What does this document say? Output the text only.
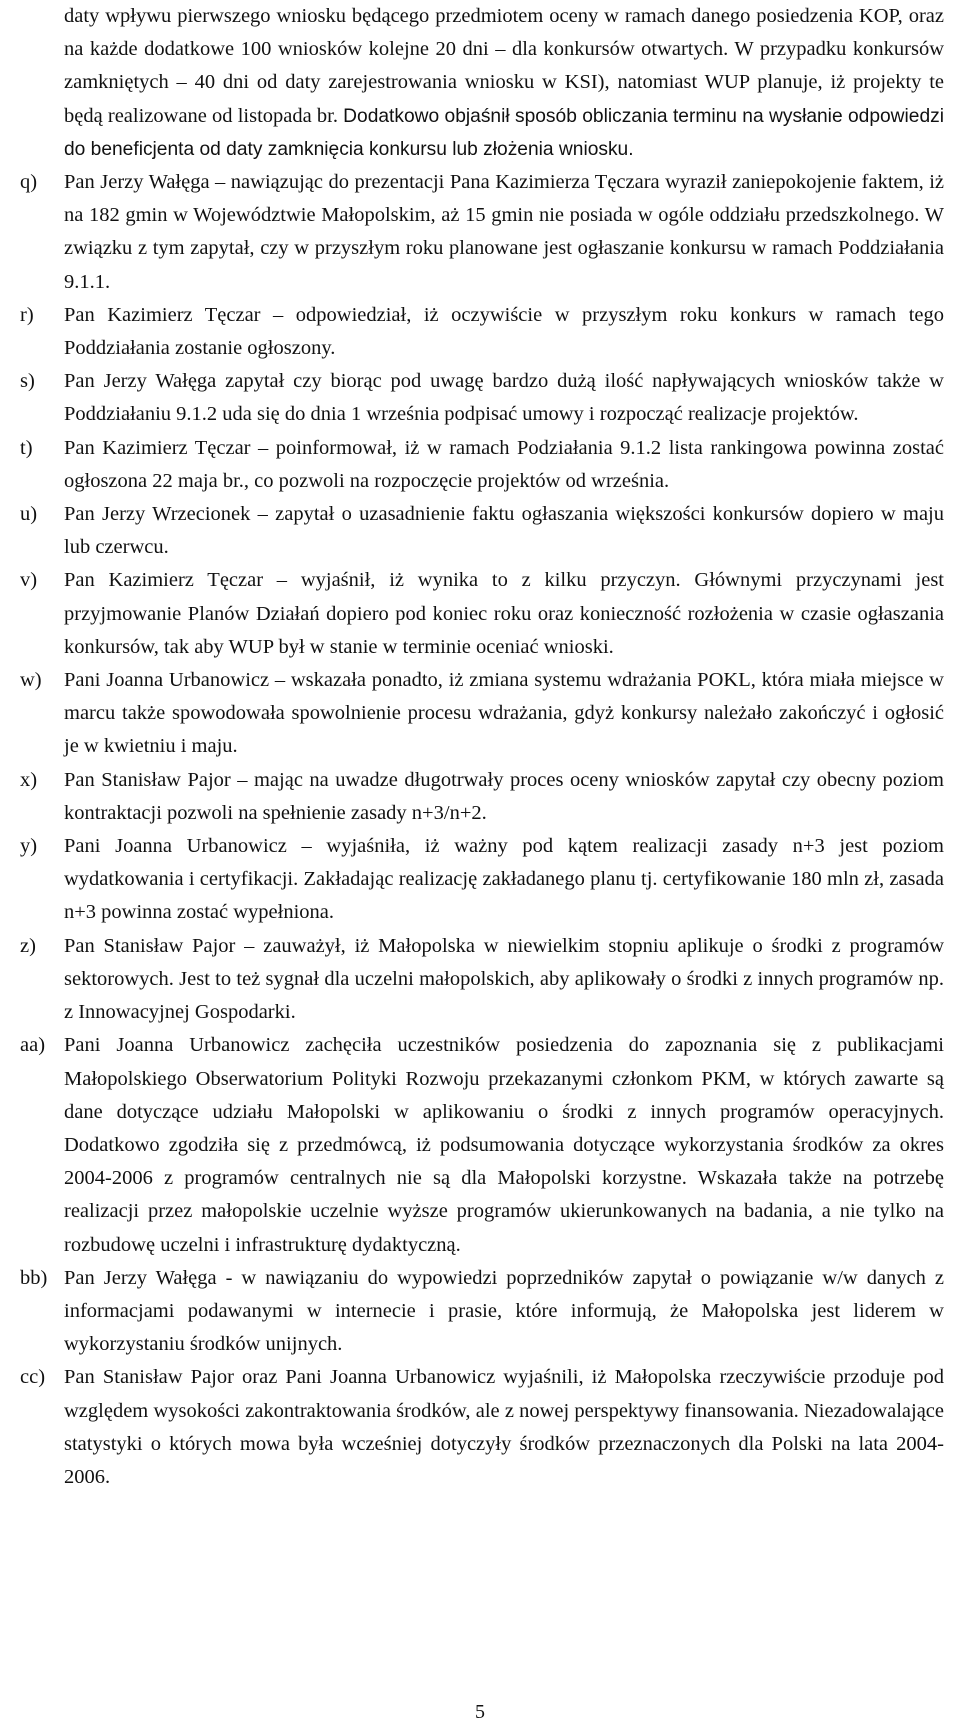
daty wpływu pierwszego wniosku będącego przedmiotem oceny w ramach danego posiedzenia KOP, oraz na każde dodatkowe 100 wniosków kolejne 20 dni – dla konkursów otwartych. W przypadku konkursów zamkniętych – 40 dni od daty zarejestrowania wniosku w KSI), natomiast WUP planuje, iż projekty te będą realizowane od listopada br. Dodatkowo objaśnił sposób obliczania terminu na wysłanie odpowiedzi do beneficjenta od daty zamknięcia konkursu lub złożenia wniosku.

q)	Pan Jerzy Wałęga – nawiązując do prezentacji Pana Kazimierza Tęczara wyraził zaniepokojenie faktem, iż na 182 gmin w Województwie Małopolskim, aż 15 gmin nie posiada w ogóle oddziału przedszkolnego. W związku z tym zapytał, czy w przyszłym roku planowane jest ogłaszanie konkursu w ramach Poddziałania 9.1.1.
r)	Pan Kazimierz Tęczar – odpowiedział, iż oczywiście w przyszłym roku konkurs w ramach tego Poddziałania zostanie ogłoszony.
s)	Pan Jerzy Wałęga zapytał czy biorąc pod uwagę bardzo dużą ilość napływających wniosków także w Poddziałaniu 9.1.2 uda się do dnia 1 września podpisać umowy i rozpocząć realizacje projektów.
t)	Pan Kazimierz Tęczar – poinformował, iż w ramach Podziałania 9.1.2 lista rankingowa powinna zostać ogłoszona 22 maja br., co pozwoli na rozpoczęcie projektów od września.
u)	Pan Jerzy Wrzecionek – zapytał o uzasadnienie faktu ogłaszania większości konkursów dopiero w maju lub czerwcu.
v)	Pan Kazimierz Tęczar – wyjaśnił, iż wynika to z kilku przyczyn. Głównymi przyczynami jest przyjmowanie Planów Działań dopiero pod koniec roku oraz konieczność rozłożenia w czasie ogłaszania konkursów, tak aby WUP był w stanie w terminie oceniać wnioski.
w)	Pani Joanna Urbanowicz – wskazała ponadto, iż zmiana systemu wdrażania POKL, która miała miejsce w marcu także spowodowała spowolnienie procesu wdrażania, gdyż konkursy należało zakończyć i ogłosić je w kwietniu i maju.
x)	Pan Stanisław Pajor – mając na uwadze długotrwały proces oceny wniosków zapytał czy obecny poziom kontraktacji pozwoli na spełnienie zasady n+3/n+2.
y)	Pani Joanna Urbanowicz – wyjaśniła, iż ważny pod kątem realizacji zasady n+3 jest poziom wydatkowania i certyfikacji. Zakładając realizację zakładanego planu tj. certyfikowanie 180 mln zł, zasada n+3 powinna zostać wypełniona.
z)	Pan Stanisław Pajor – zauważył, iż Małopolska w niewielkim stopniu aplikuje o środki z programów sektorowych. Jest to też sygnał dla uczelni małopolskich, aby aplikowały o środki z innych programów np. z Innowacyjnej Gospodarki.
aa) Pani Joanna Urbanowicz zachęciła uczestników posiedzenia do zapoznania się z publikacjami Małopolskiego Obserwatorium Polityki Rozwoju przekazanymi członkom PKM, w których zawarte są dane dotyczące udziału Małopolski w aplikowaniu o środki z innych programów operacyjnych. Dodatkowo zgodziła się z przedmówcą, iż podsumowania dotyczące wykorzystania środków za okres 2004-2006 z programów centralnych nie są dla Małopolski korzystne. Wskazała także na potrzebę realizacji przez małopolskie uczelnie wyższe programów ukierunkowanych na badania, a nie tylko na rozbudowę uczelni i infrastrukturę dydaktyczną.
bb) Pan Jerzy Wałęga - w nawiązaniu do wypowiedzi poprzedników zapytał o powiązanie w/w danych z informacjami podawanymi w internecie i prasie, które informują, że Małopolska jest liderem w wykorzystaniu środków unijnych.
cc) Pan Stanisław Pajor oraz Pani Joanna Urbanowicz wyjaśnili, iż Małopolska rzeczywiście przoduje pod względem wysokości zakontraktowania środków, ale z nowej perspektywy finansowania. Niezadowalające statystyki o których mowa była wcześniej dotyczyły środków przeznaczonych dla Polski na lata 2004-2006.
5
